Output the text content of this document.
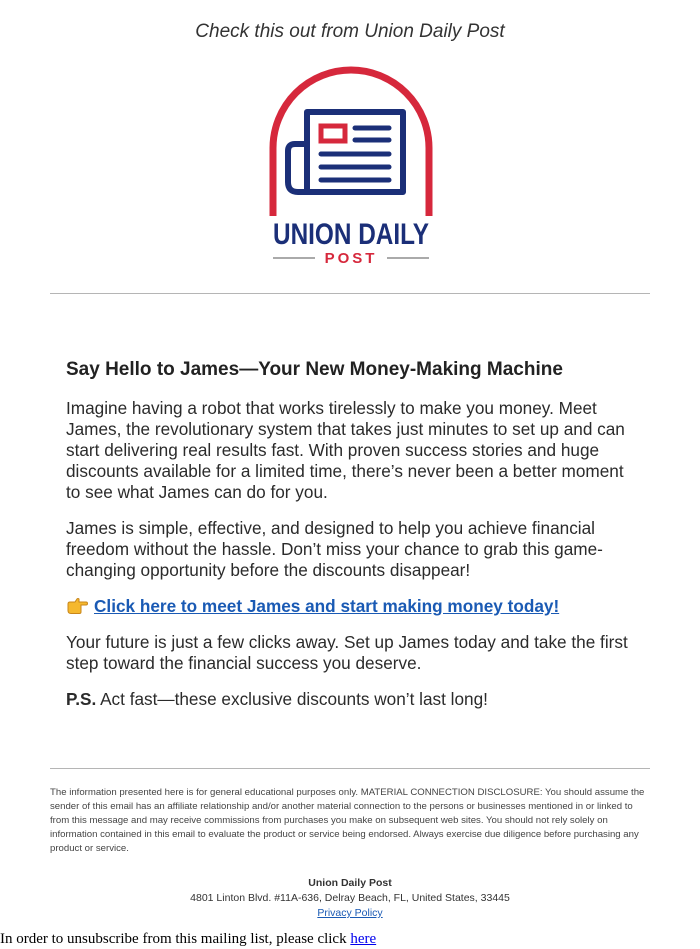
Check this out from Union Daily Post
UNION DAILY
POST
Say Hello to James—Your New Money-Making Machine

Imagine having a robot that works tirelessly to make you money. Meet James, the revolutionary system that takes just minutes to set up and can start delivering real results fast. With proven success stories and huge discounts available for a limited time, there’s never been a better moment to see what James can do for you.

James is simple, effective, and designed to help you achieve financial freedom without the hassle. Don’t miss your chance to grab this game-changing opportunity before the discounts disappear!

Click here to meet James and start making money today!

Your future is just a few clicks away. Set up James today and take the first step toward the financial success you deserve.

P.S. Act fast—these exclusive discounts won’t last long!

The information presented here is for general educational purposes only. MATERIAL CONNECTION DISCLOSURE: You should assume the sender of this email has an affiliate relationship and/or another material connection to the persons or businesses mentioned in or linked to from this message and may receive commissions from purchases you make on subsequent web sites. You should not rely solely on information contained in this email to evaluate the product or service being endorsed. Always exercise due diligence before purchasing any product or service.
Union Daily Post
4801 Linton Blvd. #11A-636, Delray Beach, FL, United States, 33445
Privacy Policy
In order to unsubscribe from this mailing list, please click here
